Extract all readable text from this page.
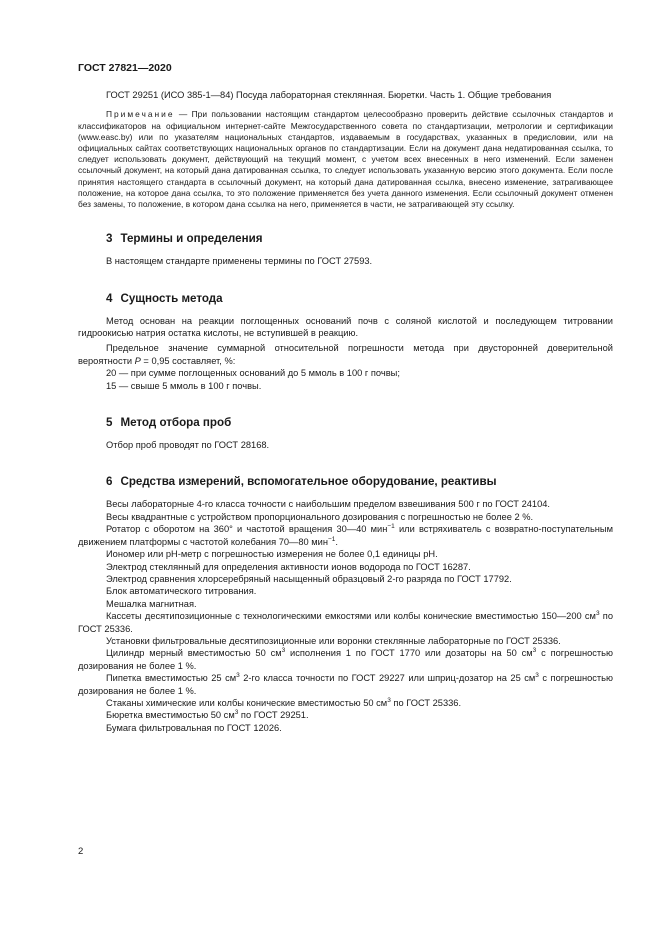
ГОСТ 27821—2020

ГОСТ 29251 (ИСО 385-1—84) Посуда лабораторная стеклянная. Бюретки. Часть 1. Общие требования

Примечание — При пользовании настоящим стандартом целесообразно проверить действие ссылочных стандартов и классификаторов на официальном интернет-сайте Межгосударственного совета по стандартизации, метрологии и сертификации (www.easc.by) или по указателям национальных стандартов, издаваемым в государствах, указанных в предисловии, или на официальных сайтах соответствующих национальных органов по стандартизации. Если на документ дана недатированная ссылка, то следует использовать документ, действующий на текущий момент, с учетом всех внесенных в него изменений. Если заменен ссылочный документ, на который дана датированная ссылка, то следует использовать указанную версию этого документа. Если после принятия настоящего стандарта в ссылочный документ, на который дана датированная ссылка, внесено изменение, затрагивающее положение, на которое дана ссылка, то это положение применяется без учета данного изменения. Если ссылочный документ отменен без замены, то положение, в котором дана ссылка на него, применяется в части, не затрагивающей эту ссылку.

3 Термины и определения

В настоящем стандарте применены термины по ГОСТ 27593.

4 Сущность метода

Метод основан на реакции поглощенных оснований почв с соляной кислотой и последующем титровании гидроокисью натрия остатка кислоты, не вступившей в реакцию.

Предельное значение суммарной относительной погрешности метода при двусторонней доверительной вероятности P = 0,95 составляет, %:

20 — при сумме поглощенных оснований до 5 ммоль в 100 г почвы;

15 — свыше 5 ммоль в 100 г почвы.

5 Метод отбора проб

Отбор проб проводят по ГОСТ 28168.

6 Средства измерений, вспомогательное оборудование, реактивы

Весы лабораторные 4-го класса точности с наибольшим пределом взвешивания 500 г по ГОСТ 24104.

Весы квадрантные с устройством пропорционального дозирования с погрешностью не более 2 %.

Ротатор с оборотом на 360° и частотой вращения 30—40 мин$^{-1}$ или встряхиватель с возвратно-поступательным движением платформы с частотой колебания 70—80 мин$^{-1}$.

Иономер или рН-метр с погрешностью измерения не более 0,1 единицы рН.

Электрод стеклянный для определения активности ионов водорода по ГОСТ 16287.

Электрод сравнения хлорсеребряный насыщенный образцовый 2-го разряда по ГОСТ 17792.

Блок автоматического титрования.

Мешалка магнитная.

Кассеты десятипозиционные с технологическими емкостями или колбы конические вместимостью 150—200 $см^3$ по ГОСТ 25336.

Установки фильтровальные десятипозиционные или воронки стеклянные лабораторные по ГОСТ 25336.

Цилиндр мерный вместимостью 50 $см^3$ исполнения 1 по ГОСТ 1770 или дозаторы на 50 $см^3$ с погрешностью дозирования не более 1 %.

Пипетка вместимостью 25 $см^3$ 2-го класса точности по ГОСТ 29227 или шприц-дозатор на 25 $см^3$ с погрешностью дозирования не более 1 %.

Стаканы химические или колбы конические вместимостью 50 $см^3$ по ГОСТ 25336.

Бюретка вместимостью 50 $см^3$ по ГОСТ 29251.

Бумага фильтровальная по ГОСТ 12026.

2
